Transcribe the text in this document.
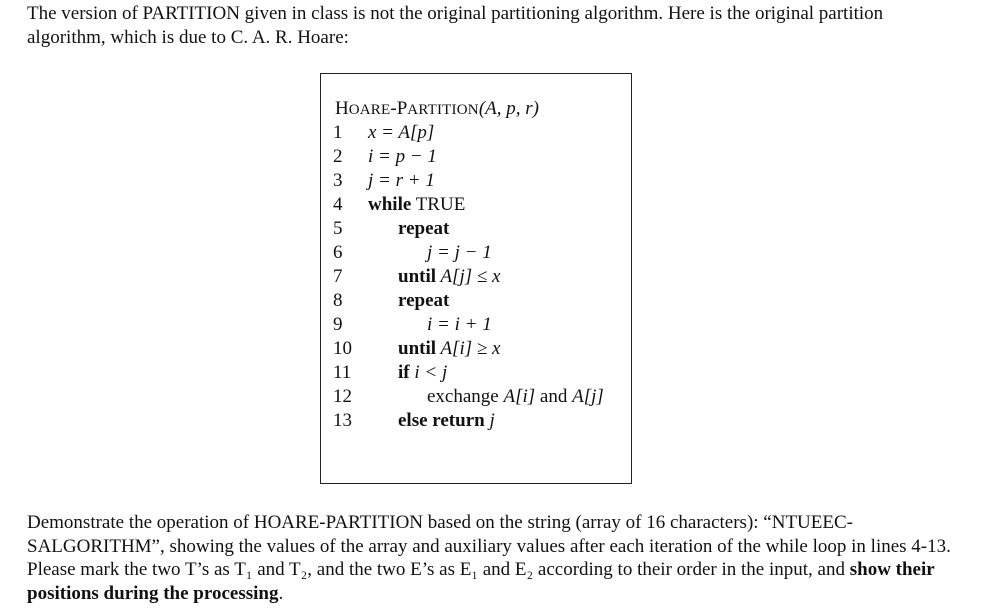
The version of PARTITION given in class is not the original partitioning algorithm. Here is the original partition algorithm, which is due to C. A. R. Hoare:
HOARE-PARTITION(A, p, r)
1	x = A[p]
2	i = p − 1
3	j = r + 1
4	while TRUE
5	repeat
6	j = j − 1
7	until A[j] ≤ x
8	repeat
9	i = i + 1
10	until A[i] ≥ x
11	if i < j
12	exchange A[i] and A[j]
13	else return j
Demonstrate the operation of HOARE-PARTITION based on the string (array of 16 characters): “NTUEEC-SALGORITHM”, showing the values of the array and auxiliary values after each iteration of the while loop in lines 4-13. Please mark the two T’s as T₁ and T₂, and the two E’s as E₁ and E₂ according to their order in the input, and show their positions during the processing.
